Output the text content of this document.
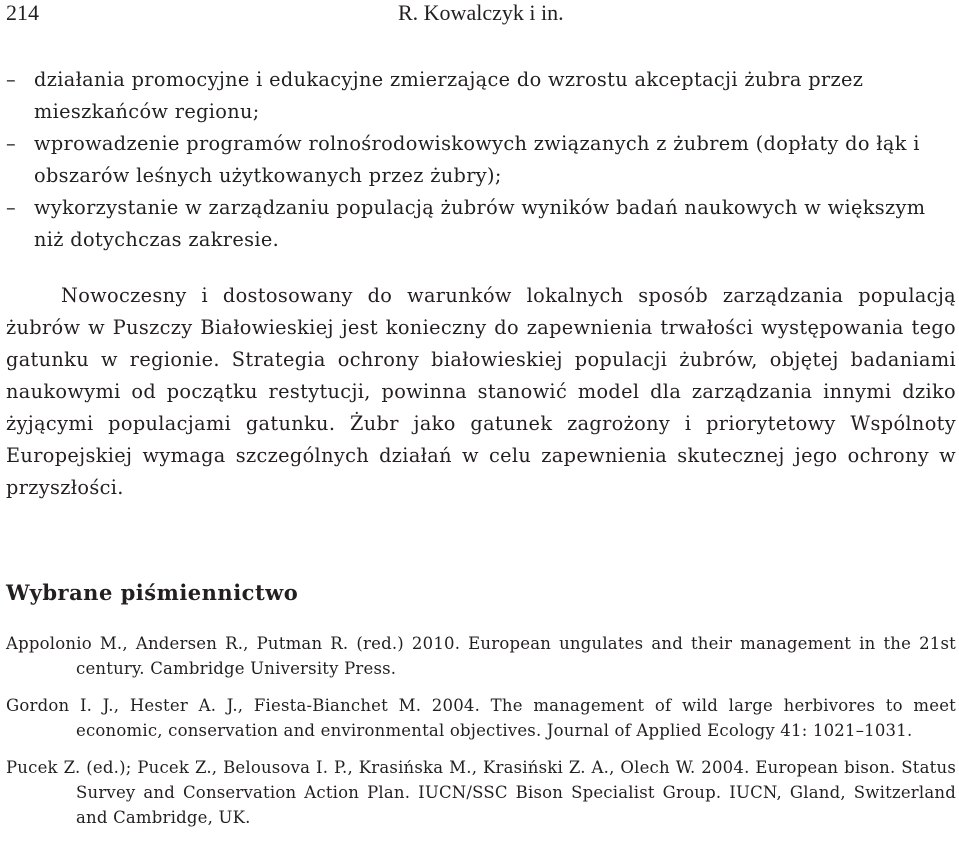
214	R. Kowalczyk i in.
– działania promocyjne i edukacyjne zmierzające do wzrostu akceptacji żubra przez mieszkańców regionu;
– wprowadzenie programów rolnośrodowiskowych związanych z żubrem (dopłaty do łąk i obszarów leśnych użytkowanych przez żubry);
– wykorzystanie w zarządzaniu populacją żubrów wyników badań naukowych w większym niż dotychczas zakresie.

Nowoczesny i dostosowany do warunków lokalnych sposób zarządzania populacją żubrów w Puszczy Białowieskiej jest konieczny do zapewnienia trwałości występowania tego gatunku w regionie. Strategia ochrony białowieskiej populacji żubrów, objętej badaniami naukowymi od początku restytucji, powinna stanowić model dla zarządzania innymi dziko żyjącymi populacjami gatunku. Żubr jako gatunek zagrożony i priorytetowy Wspólnoty Europejskiej wymaga szczególnych działań w celu zapewnienia skutecznej jego ochrony w przyszłości.

Wybrane piśmiennictwo

Appolonio M., Andersen R., Putman R. (red.) 2010. European ungulates and their management in the 21st century. Cambridge University Press.

Gordon I. J., Hester A. J., Fiesta-Bianchet M. 2004. The management of wild large herbivores to meet economic, conservation and environmental objectives. Journal of Applied Ecology 41: 1021–1031.

Pucek Z. (ed.); Pucek Z., Belousova I. P., Krasińska M., Krasiński Z. A., Olech W. 2004. European bison. Status Survey and Conservation Action Plan. IUCN/SSC Bison Specialist Group. IUCN, Gland, Switzerland and Cambridge, UK.
